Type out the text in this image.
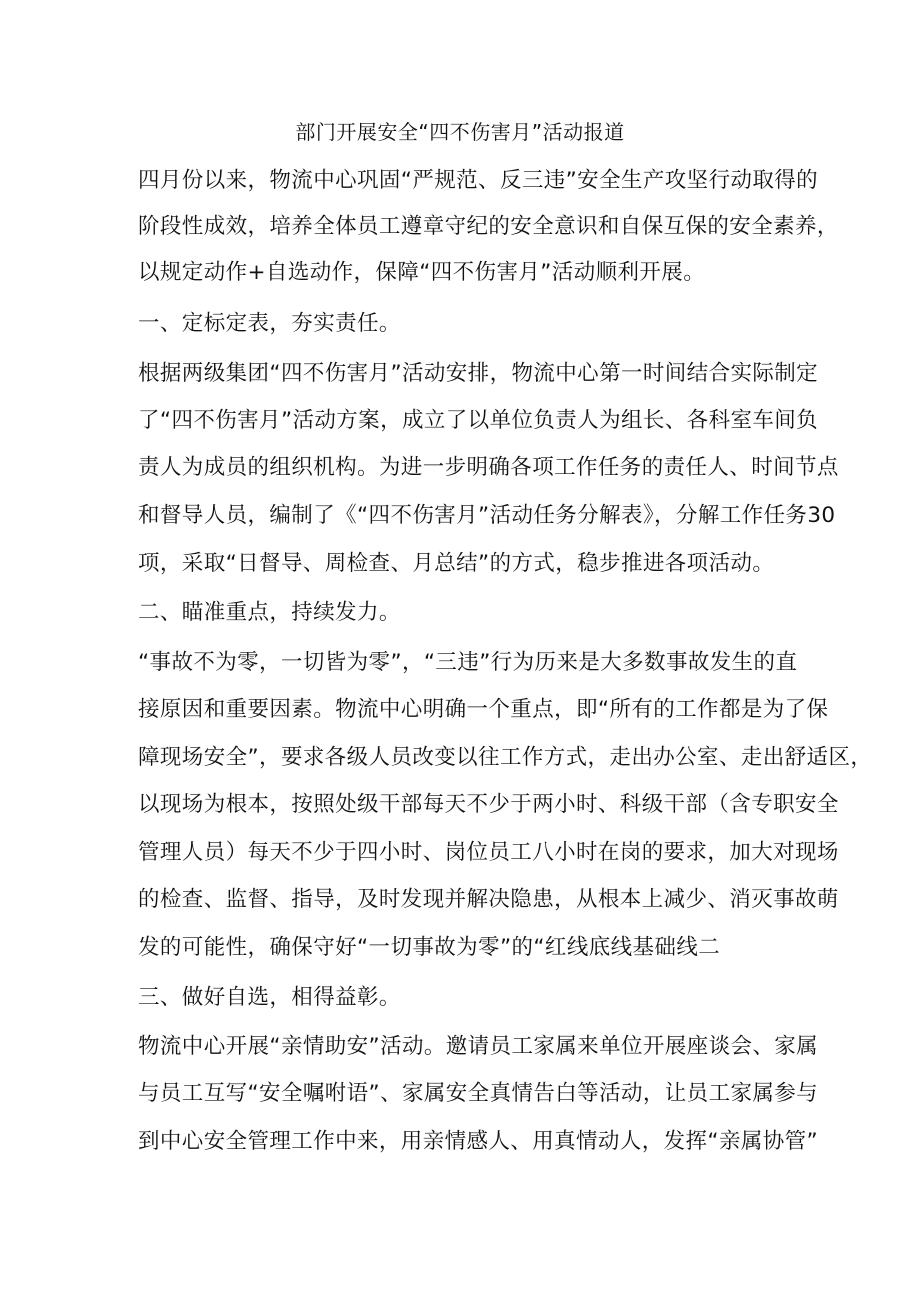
部门开展安全“四不伤害月”活动报道
四月份以来，物流中心巩固“严规范、反三违”安全生产攻坚行动取得的
阶段性成效，培养全体员工遵章守纪的安全意识和自保互保的安全素养，
以规定动作+自选动作，保障“四不伤害月”活动顺利开展。
一、定标定表，夯实责任。
根据两级集团“四不伤害月”活动安排，物流中心第一时间结合实际制定
了“四不伤害月”活动方案，成立了以单位负责人为组长、各科室车间负
责人为成员的组织机构。为进一步明确各项工作任务的责任人、时间节点
和督导人员，编制了《“四不伤害月”活动任务分解表》，分解工作任务30
项，采取“日督导、周检查、月总结”的方式，稳步推进各项活动。
二、瞄准重点，持续发力。
“事故不为零，一切皆为零”，“三违”行为历来是大多数事故发生的直
接原因和重要因素。物流中心明确一个重点，即“所有的工作都是为了保
障现场安全”，要求各级人员改变以往工作方式，走出办公室、走出舒适区，
以现场为根本，按照处级干部每天不少于两小时、科级干部（含专职安全
管理人员）每天不少于四小时、岗位员工八小时在岗的要求，加大对现场
的检查、监督、指导，及时发现并解决隐患，从根本上减少、消灭事故萌
发的可能性，确保守好“一切事故为零”的“红线底线基础线二
三、做好自选，相得益彰。
物流中心开展“亲情助安”活动。邀请员工家属来单位开展座谈会、家属
与员工互写“安全嘱咐语”、家属安全真情告白等活动，让员工家属参与
到中心安全管理工作中来，用亲情感人、用真情动人，发挥“亲属协管”
